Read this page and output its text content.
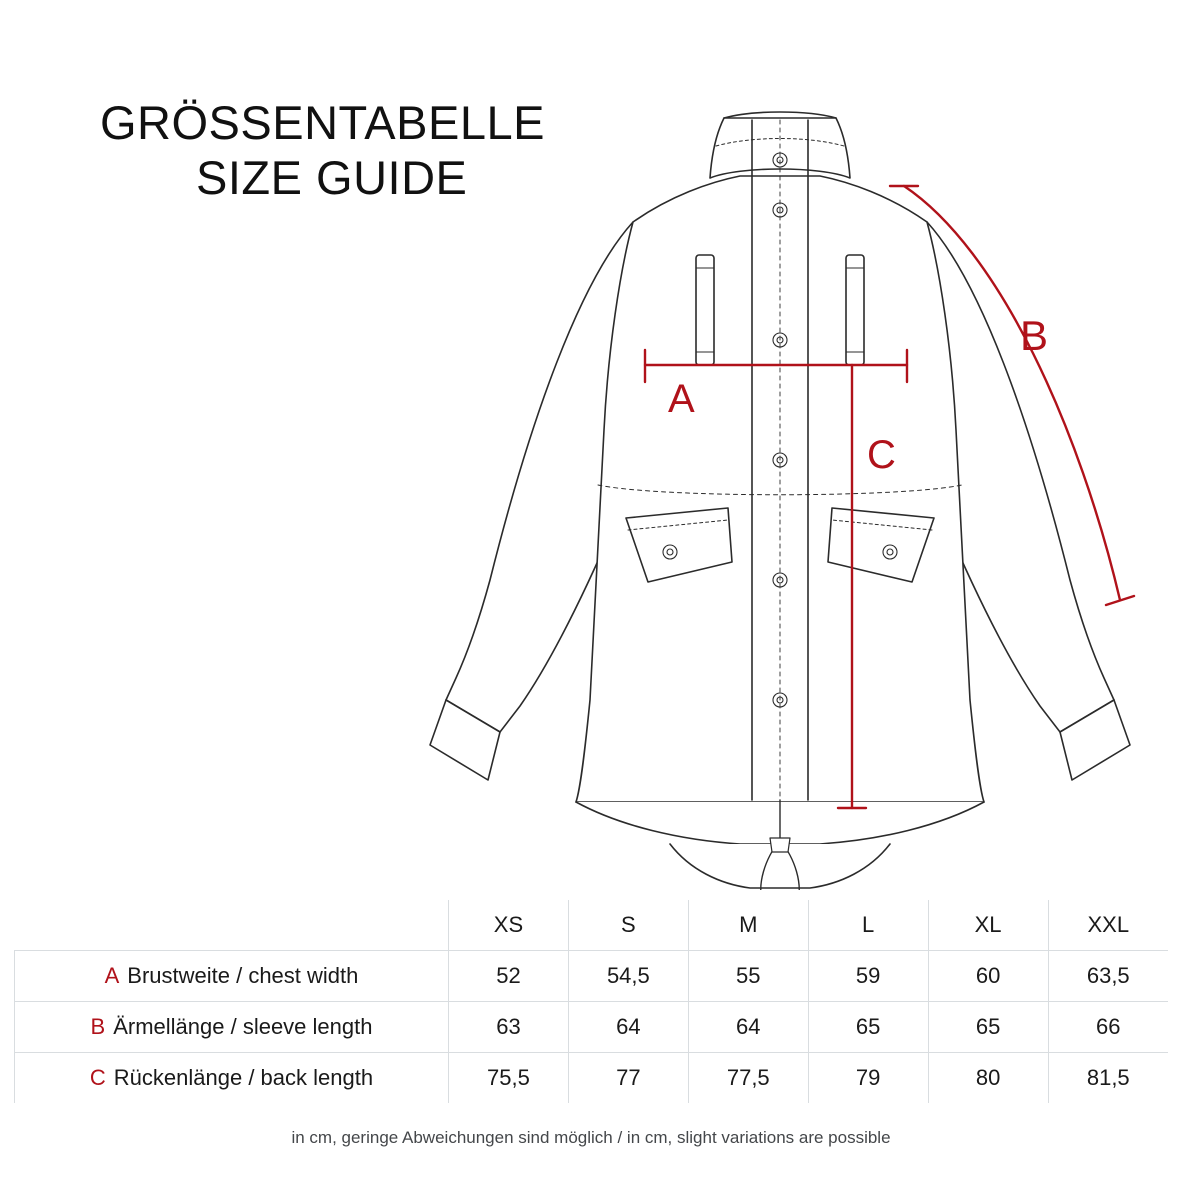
GRÖSSENTABELLE
SIZE GUIDE
A
B
C
	XS	S	M	L	XL	XXL
A Brustweite / chest width	52	54,5	55	59	60	63,5
B Ärmellänge / sleeve length	63	64	64	65	65	66
C Rückenlänge / back length	75,5	77	77,5	79	80	81,5
in cm, geringe Abweichungen sind möglich / in cm, slight variations are possible
